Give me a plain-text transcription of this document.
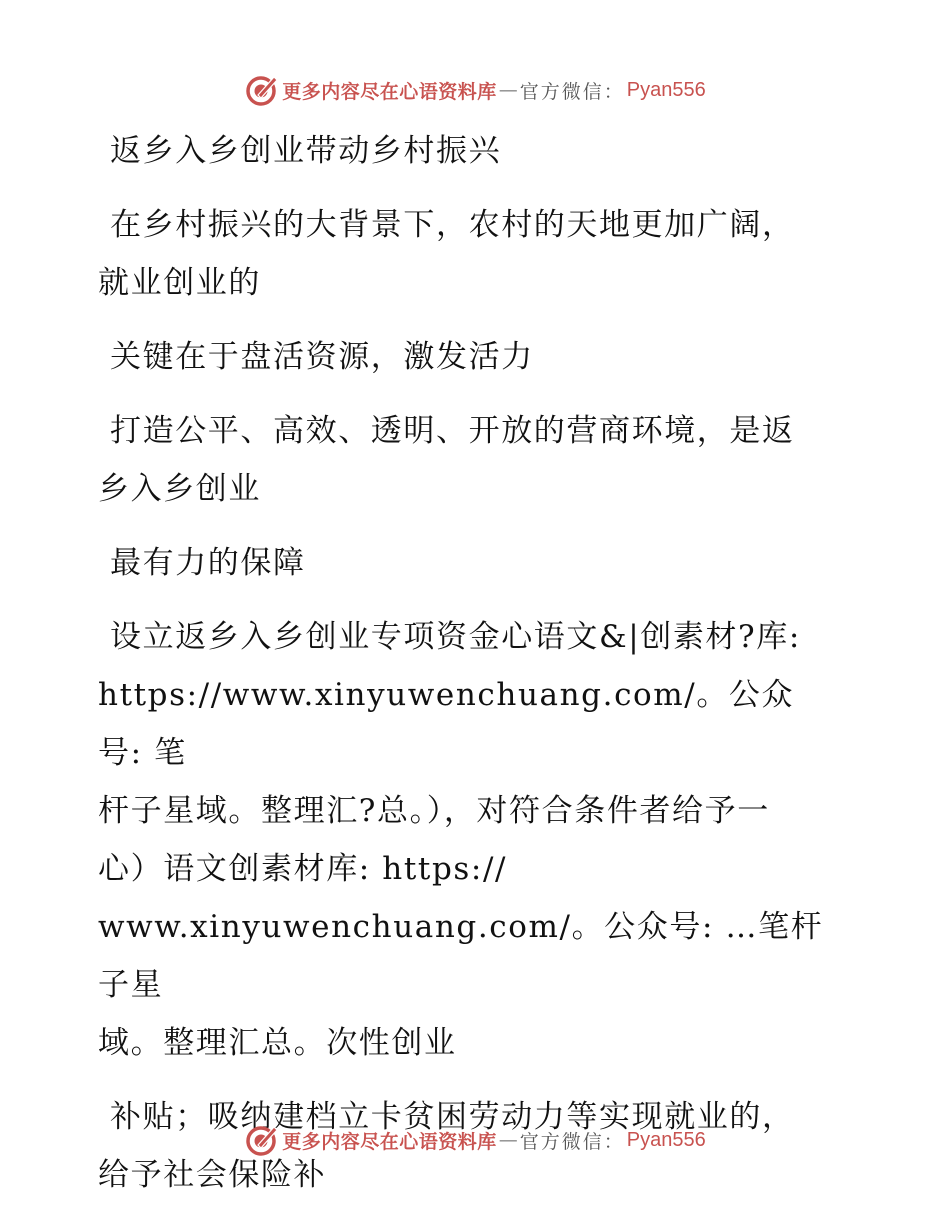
更多内容尽在心语资料库 — 官方微信： Pyan556

返乡入乡创业带动乡村振兴

在乡村振兴的大背景下，农村的天地更加广阔，
就业创业的

关键在于盘活资源，激发活力

打造公平、高效、透明、开放的营商环境，是返
乡入乡创业

最有力的保障

设立返乡入乡创业专项资金心语文&|创素材?库:
https://www.xinyuwenchuang.com/。公众号: 笔
杆子星域。整理汇?总。），对符合条件者给予一
心）语文创素材库: https://
www.xinyuwenchuang.com/。公众号: …笔杆子星
域。整理汇总。次性创业

补贴；吸纳建档立卡贫困劳动力等实现就业的，
给予社会保险补

更多内容尽在心语资料库 — 官方微信： Pyan556
